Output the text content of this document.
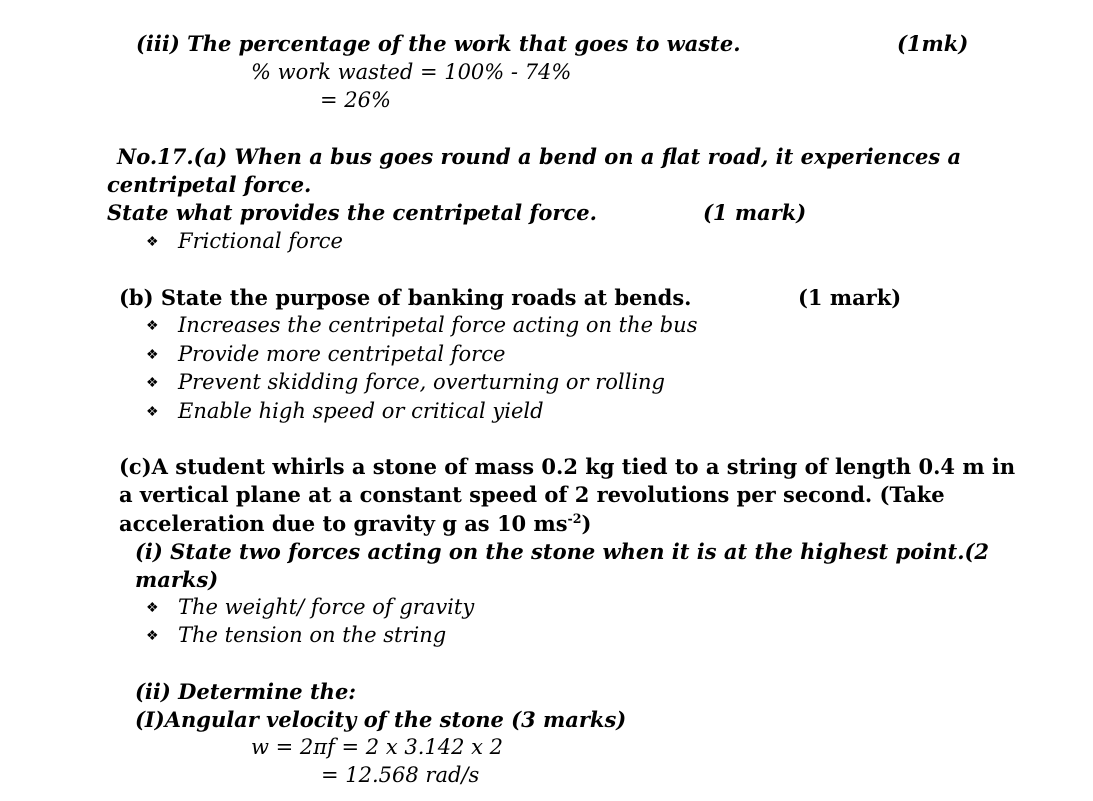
(iii) The percentage of the work that goes to waste.	(1mk)
% work wasted = 100% - 74%
= 26%
No.17.(a) When a bus goes round a bend on a flat road, it experiences a
centripetal force.
State what provides the centripetal force.	(1 mark)
❖ Frictional force
(b) State the purpose of banking roads at bends.	(1 mark)
❖ Increases the centripetal force acting on the bus
❖ Provide more centripetal force
❖ Prevent skidding force, overturning or rolling
❖ Enable high speed or critical yield
(c)A student whirls a stone of mass 0.2 kg tied to a string of length 0.4 m in
a vertical plane at a constant speed of 2 revolutions per second. (Take
acceleration due to gravity g as 10 $ms^{-2}$)
(i) State two forces acting on the stone when it is at the highest point.(2
marks)
❖ The weight/ force of gravity
❖ The tension on the string
(ii) Determine the:
(I)Angular velocity of the stone (3 marks)
w = 2πf = 2 x 3.142 x 2
= 12.568 rad/s
